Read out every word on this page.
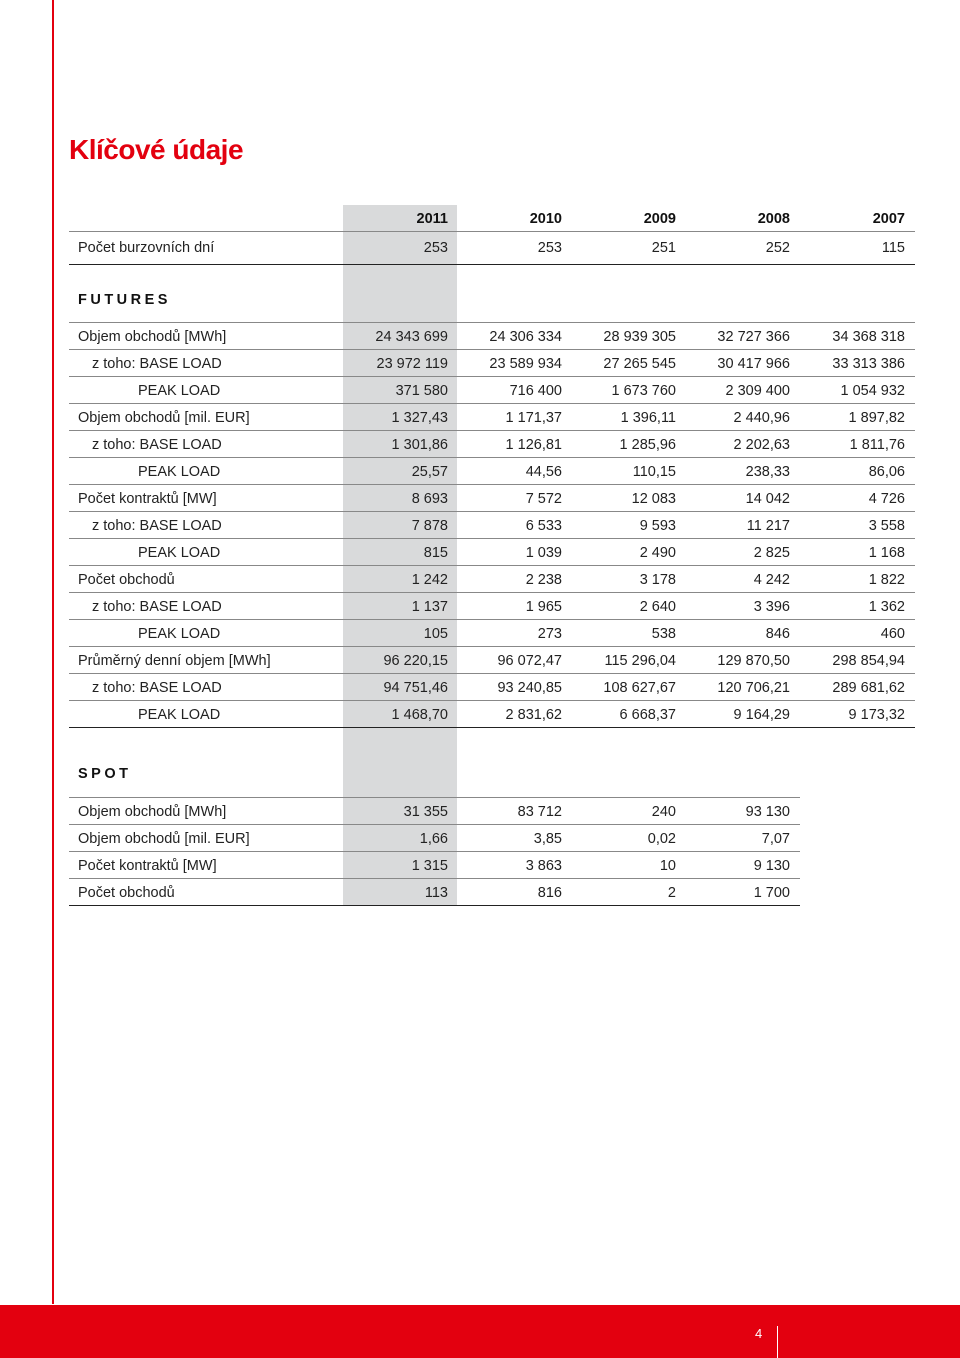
Klíčové údaje
2011	2010	2009	2008	2007
Počet burzovních dní	253	253	251	252	115
FUTURES
Objem obchodů [MWh]	24 343 699	24 306 334	28 939 305	32 727 366	34 368 318
z toho: BASE LOAD	23 972 119	23 589 934	27 265 545	30 417 966	33 313 386
PEAK LOAD	371 580	716 400	1 673 760	2 309 400	1 054 932
Objem obchodů [mil. EUR]	1 327,43	1 171,37	1 396,11	2 440,96	1 897,82
z toho: BASE LOAD	1 301,86	1 126,81	1 285,96	2 202,63	1 811,76
PEAK LOAD	25,57	44,56	110,15	238,33	86,06
Počet kontraktů [MW]	8 693	7 572	12 083	14 042	4 726
z toho: BASE LOAD	7 878	6 533	9 593	11 217	3 558
PEAK LOAD	815	1 039	2 490	2 825	1 168
Počet obchodů	1 242	2 238	3 178	4 242	1 822
z toho: BASE LOAD	1 137	1 965	2 640	3 396	1 362
PEAK LOAD	105	273	538	846	460
Průměrný denní objem [MWh]	96 220,15	96 072,47	115 296,04	129 870,50	298 854,94
z toho: BASE LOAD	94 751,46	93 240,85	108 627,67	120 706,21	289 681,62
PEAK LOAD	1 468,70	2 831,62	6 668,37	9 164,29	9 173,32
SPOT
Objem obchodů [MWh]	31 355	83 712	240	93 130
Objem obchodů [mil. EUR]	1,66	3,85	0,02	7,07
Počet kontraktů [MW]	1 315	3 863	10	9 130
Počet obchodů	113	816	2	1 700
4
